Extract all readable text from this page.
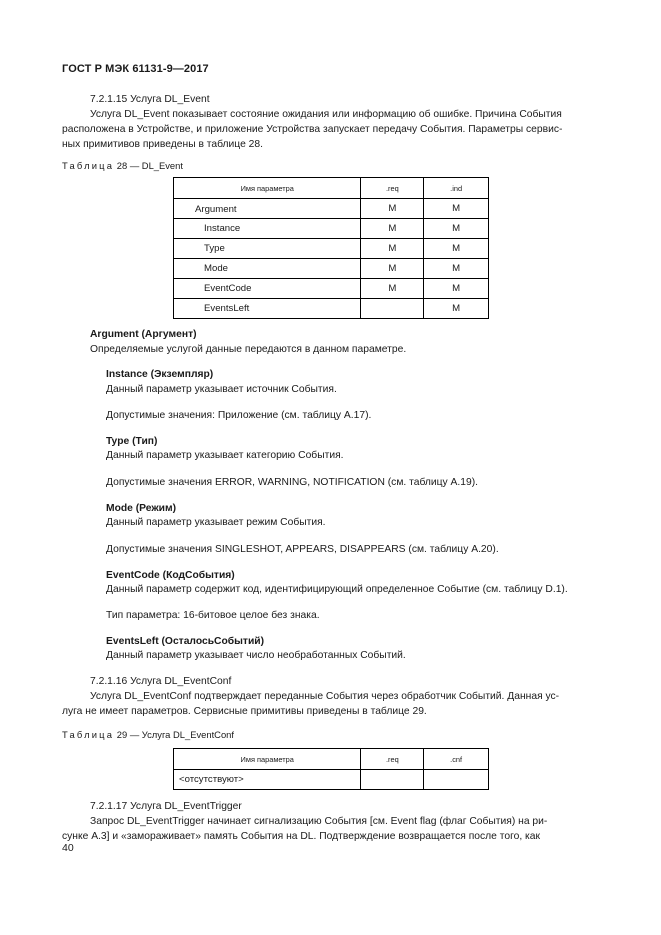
ГОСТ Р МЭК 61131-9—2017
7.2.1.15 Услуга DL_Event
Услуга DL_Event показывает состояние ожидания или информацию об ошибке. Причина События
расположена в Устройстве, и приложение Устройства запускает передачу События. Параметры сервис-
ных примитивов приведены в таблице 28.
Таблица 28 — DL_Event
Имя параметра	.req	.ind
Argument	M	M
Instance	M	M
Type	M	M
Mode	M	M
EventCode	M	M
EventsLeft		M
Argument (Аргумент)
Определяемые услугой данные передаются в данном параметре.
Instance (Экземпляр)
Данный параметр указывает источник События.
Допустимые значения: Приложение (см. таблицу А.17).
Type (Тип)
Данный параметр указывает категорию События.
Допустимые значения ERROR, WARNING, NOTIFICATION (см. таблицу А.19).
Mode (Режим)
Данный параметр указывает режим События.
Допустимые значения SINGLESHOT, APPEARS, DISAPPEARS (см. таблицу А.20).
EventCode (КодСобытия)
Данный параметр содержит код, идентифицирующий определенное Событие (см. таблицу D.1).
Тип параметра: 16-битовое целое без знака.
EventsLeft (ОсталосьСобытий)
Данный параметр указывает число необработанных Событий.
7.2.1.16 Услуга DL_EventConf
Услуга DL_EventConf подтверждает переданные События через обработчик Событий. Данная ус-
луга не имеет параметров. Сервисные примитивы приведены в таблице 29.
Таблица 29 — Услуга DL_EventConf
Имя параметра	.req	.cnf
<отсутствуют>		
7.2.1.17 Услуга DL_EventTrigger
Запрос DL_EventTrigger начинает сигнализацию События [см. Event flag (флаг События) на ри-
сунке А.3] и «замораживает» память События на DL. Подтверждение возвращается после того, как
40
